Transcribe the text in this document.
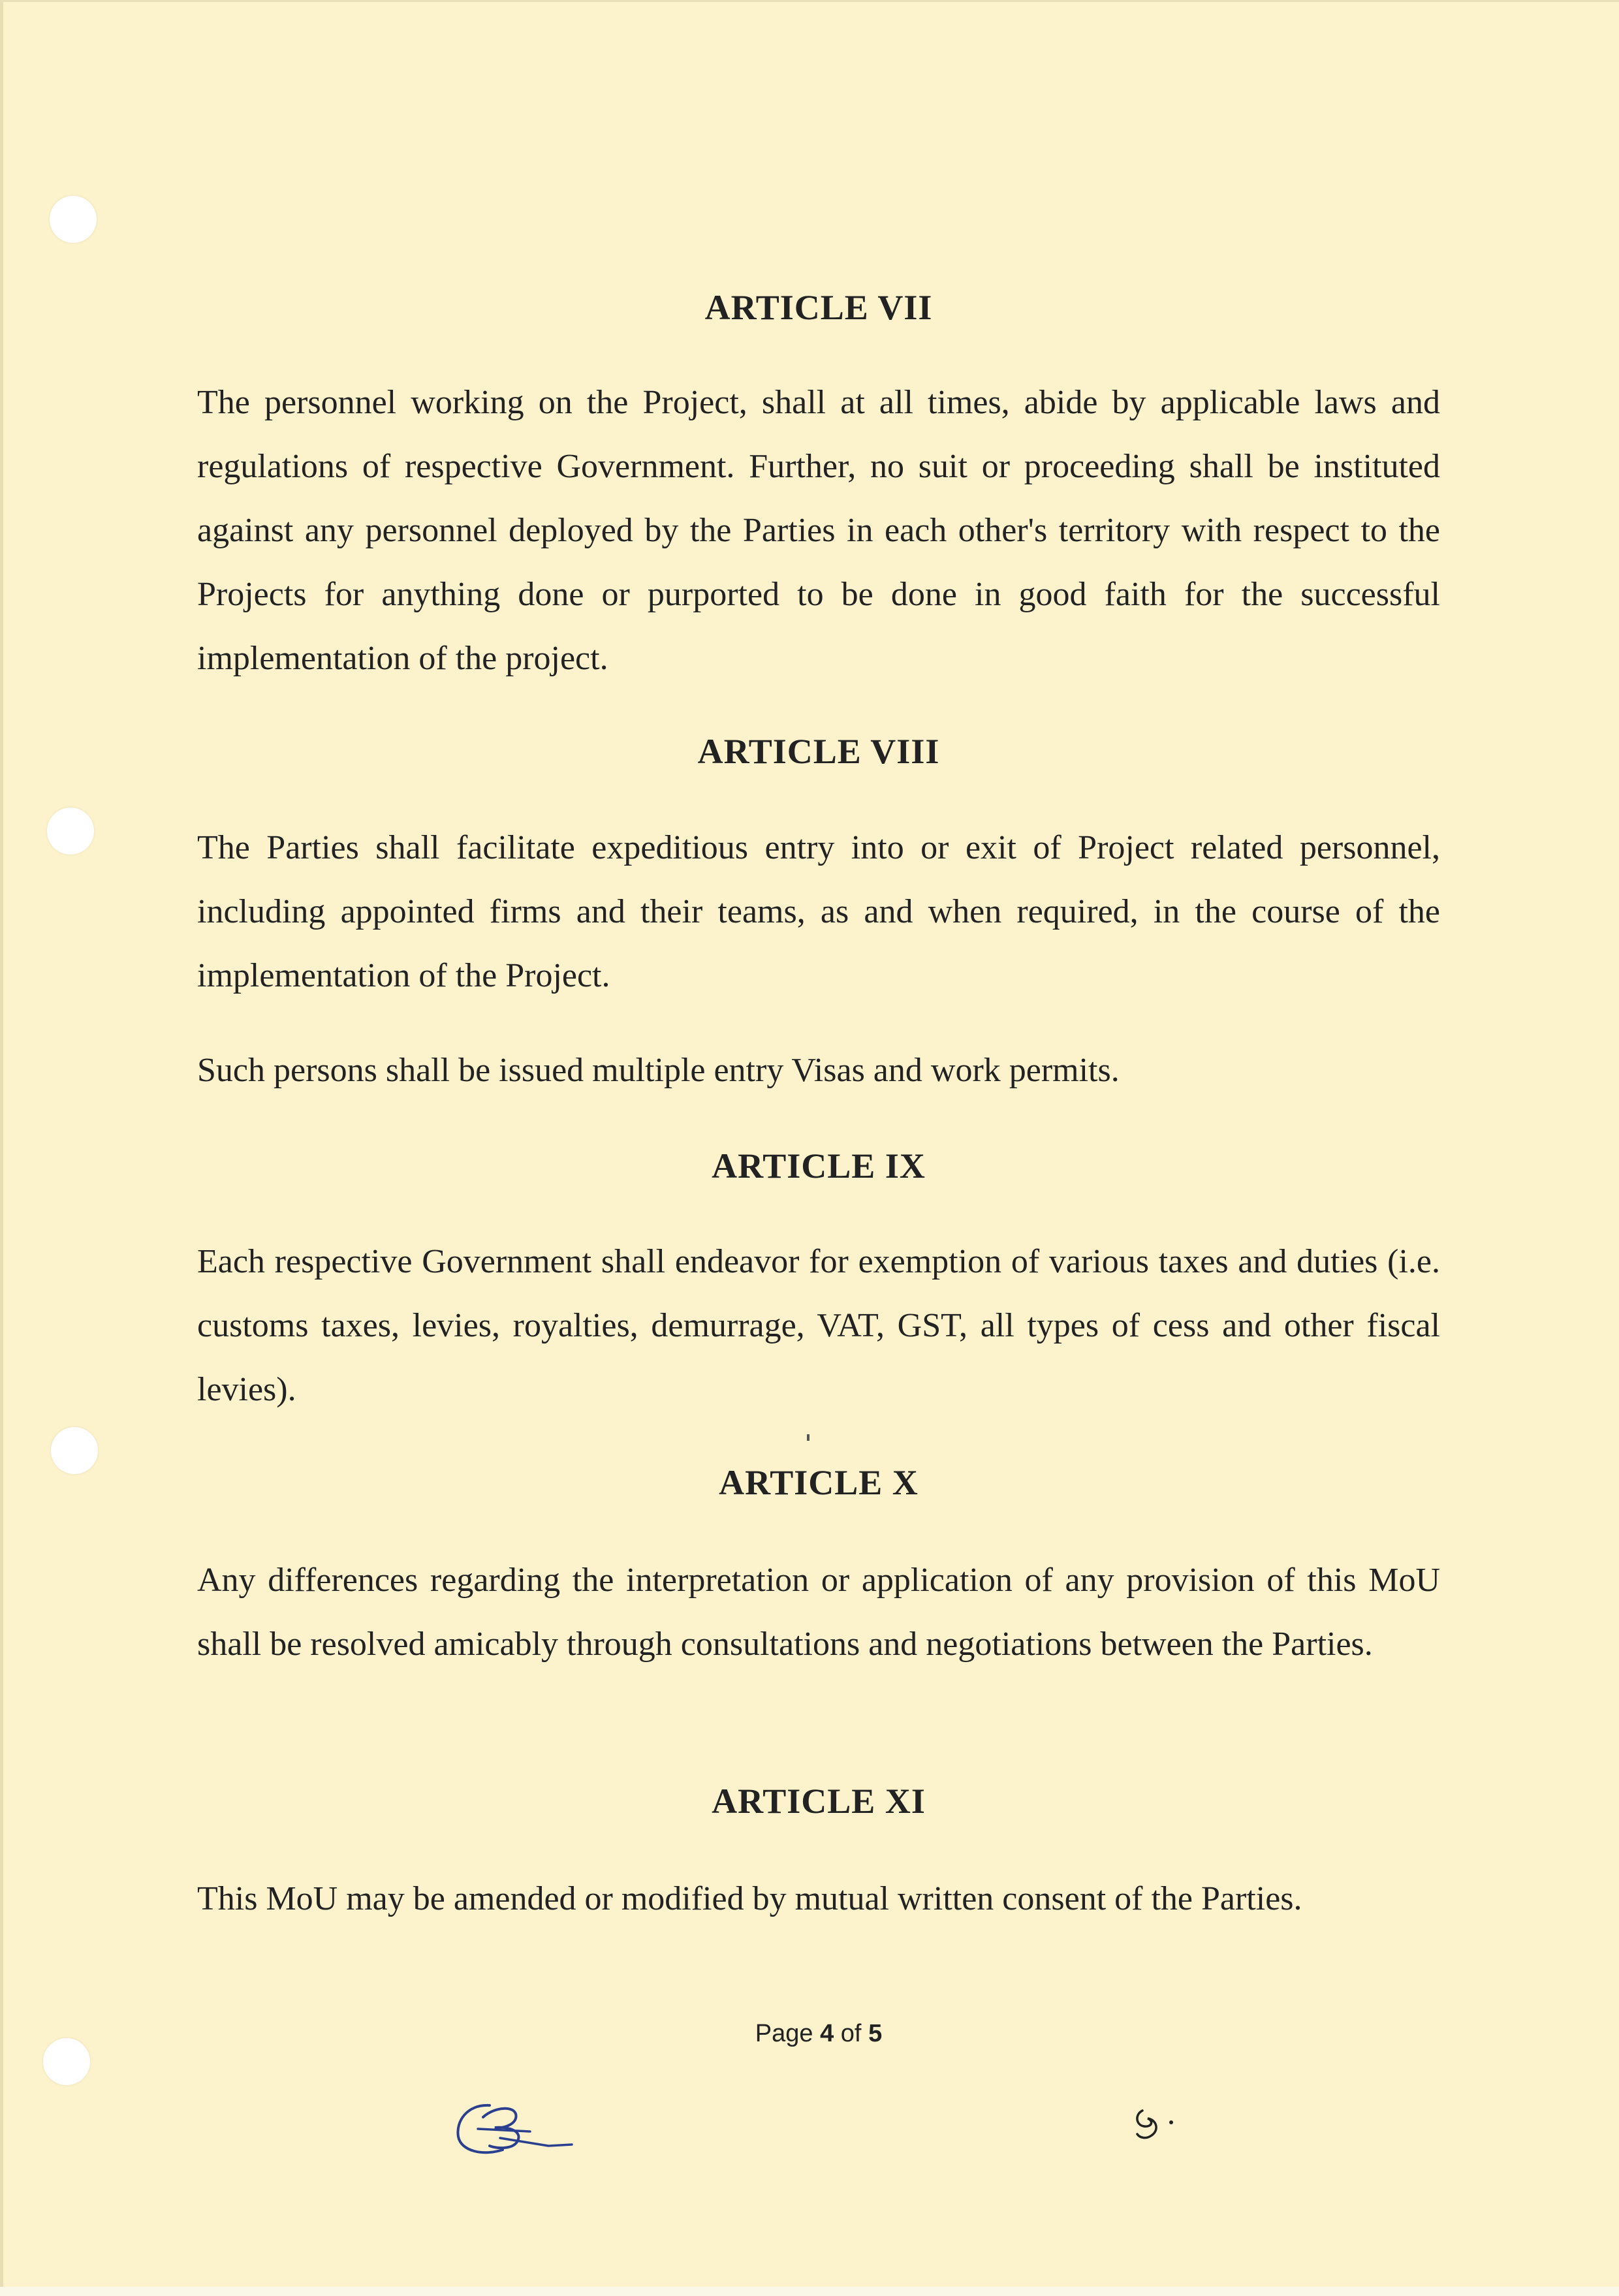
ARTICLE VII

The personnel working on the Project, shall at all times, abide by applicable laws and regulations of respective Government. Further, no suit or proceeding shall be instituted against any personnel deployed by the Parties in each other's territory with respect to the Projects for anything done or purported to be done in good faith for the successful implementation of the project.

ARTICLE VIII

The Parties shall facilitate expeditious entry into or exit of Project related personnel, including appointed firms and their teams, as and when required, in the course of the implementation of the Project.

Such persons shall be issued multiple entry Visas and work permits.

ARTICLE IX

Each respective Government shall endeavor for exemption of various taxes and duties (i.e. customs taxes, levies, royalties, demurrage, VAT, GST, all types of cess and other fiscal levies).

ARTICLE X

Any differences regarding the interpretation or application of any provision of this MoU shall be resolved amicably through consultations and negotiations between the Parties.

ARTICLE XI

This MoU may be amended or modified by mutual written consent of the Parties.

Page 4 of 5
